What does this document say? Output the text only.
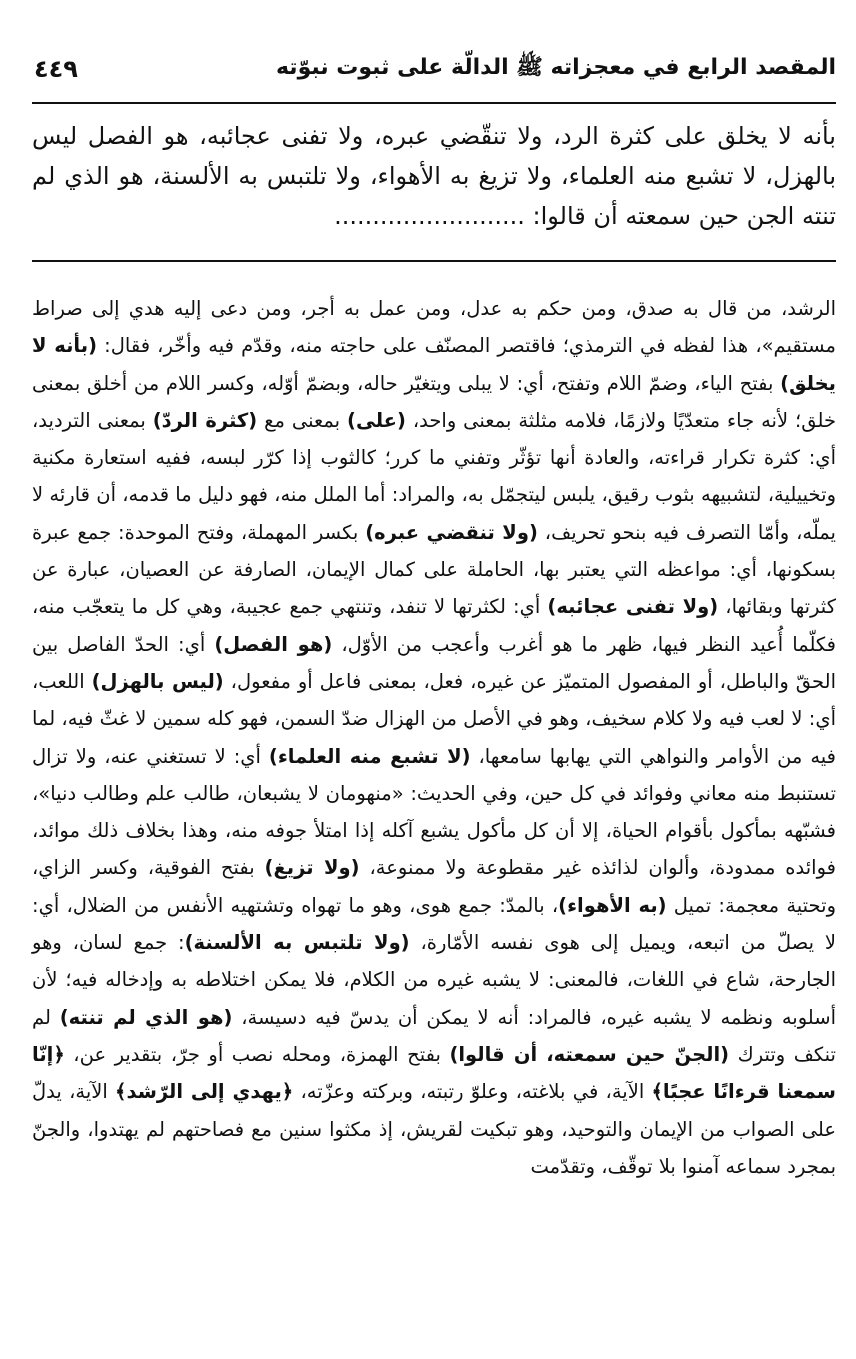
المقصد الرابع في معجزاته ﷺ الدالّة على ثبوت نبوّته
٤٤٩

بأنه لا يخلق على كثرة الرد، ولا تنقّضي عبره، ولا تفنى عجائبه، هو الفصل ليس بالهزل، لا تشبع منه العلماء، ولا تزيغ به الأهواء، ولا تلتبس به الألسنة، هو الذي لم تنته الجن حين سمعته أن قالوا: .........................

الرشد، من قال به صدق، ومن حكم به عدل، ومن عمل به أجر، ومن دعى إليه هدي إلى صراط مستقيم»، هذا لفظه في الترمذي؛ فاقتصر المصنّف على حاجته منه، وقدّم فيه وأخّر، فقال: (بأنه لا يخلق) بفتح الياء، وضمّ اللام وتفتح، أي: لا يبلى ويتغيّر حاله، وبضمّ أوّله، وكسر اللام من أخلق بمعنى خلق؛ لأنه جاء متعدّيًا ولازمًا، فلامه مثلثة بمعنى واحد، (على) بمعنى مع (كثرة الردّ) بمعنى الترديد، أي: كثرة تكرار قراءته، والعادة أنها تؤثّر وتفني ما كرر؛ كالثوب إذا كرّر لبسه، ففيه استعارة مكنية وتخييلية، لتشبيهه بثوب رقيق، يلبس ليتجمّل به، والمراد: أما الملل منه، فهو دليل ما قدمه، أن قارئه لا يملّه، وأمّا التصرف فيه بنحو تحريف، (ولا تنقضي عبره) بكسر المهملة، وفتح الموحدة: جمع عبرة بسكونها، أي: مواعظه التي يعتبر بها، الحاملة على كمال الإيمان، الصارفة عن العصيان، عبارة عن كثرتها وبقائها، (ولا تفنى عجائبه) أي: لكثرتها لا تنفد، وتنتهي جمع عجيبة، وهي كل ما يتعجّب منه، فكلّما أُعيد النظر فيها، ظهر ما هو أغرب وأعجب من الأوّل، (هو الفصل) أي: الحدّ الفاصل بين الحقّ والباطل، أو المفصول المتميّز عن غيره، فعل، بمعنى فاعل أو مفعول، (ليس بالهزل) اللعب، أي: لا لعب فيه ولا كلام سخيف، وهو في الأصل من الهزال ضدّ السمن، فهو كله سمين لا غثّ فيه، لما فيه من الأوامر والنواهي التي يهابها سامعها، (لا تشبع منه العلماء) أي: لا تستغني عنه، ولا تزال تستنبط منه معاني وفوائد في كل حين، وفي الحديث: «منهومان لا يشبعان، طالب علم وطالب دنيا»، فشبّهه بمأكول بأقوام الحياة، إلا أن كل مأكول يشبع آكله إذا امتلأ جوفه منه، وهذا بخلاف ذلك موائد، فوائده ممدودة، وألوان لذائذه غير مقطوعة ولا ممنوعة، (ولا تزيغ) بفتح الفوقية، وكسر الزاي، وتحتية معجمة: تميل (به الأهواء)، بالمدّ: جمع هوى، وهو ما تهواه وتشتهيه الأنفس من الضلال، أي: لا يصلّ من اتبعه، ويميل إلى هوى نفسه الأمّارة، (ولا تلتبس به الألسنة): جمع لسان، وهو الجارحة، شاع في اللغات، فالمعنى: لا يشبه غيره من الكلام، فلا يمكن اختلاطه به وإدخاله فيه؛ لأن أسلوبه ونظمه لا يشبه غيره، فالمراد: أنه لا يمكن أن يدسّ فيه دسيسة، (هو الذي لم تنته) لم تنكف وتترك (الجنّ حين سمعته، أن قالوا) بفتح الهمزة، ومحله نصب أو جرّ، بتقدير عن، ﴿إنّا سمعنا قرءانًا عجبًا﴾ الآية، في بلاغته، وعلوّ رتبته، وبركته وعزّته، ﴿يهدي إلى الرّشد﴾ الآية، يدلّ على الصواب من الإيمان والتوحيد، وهو تبكيت لقريش، إذ مكثوا سنين مع فصاحتهم لم يهتدوا، والجنّ بمجرد سماعه آمنوا بلا توقّف، وتقدّمت
